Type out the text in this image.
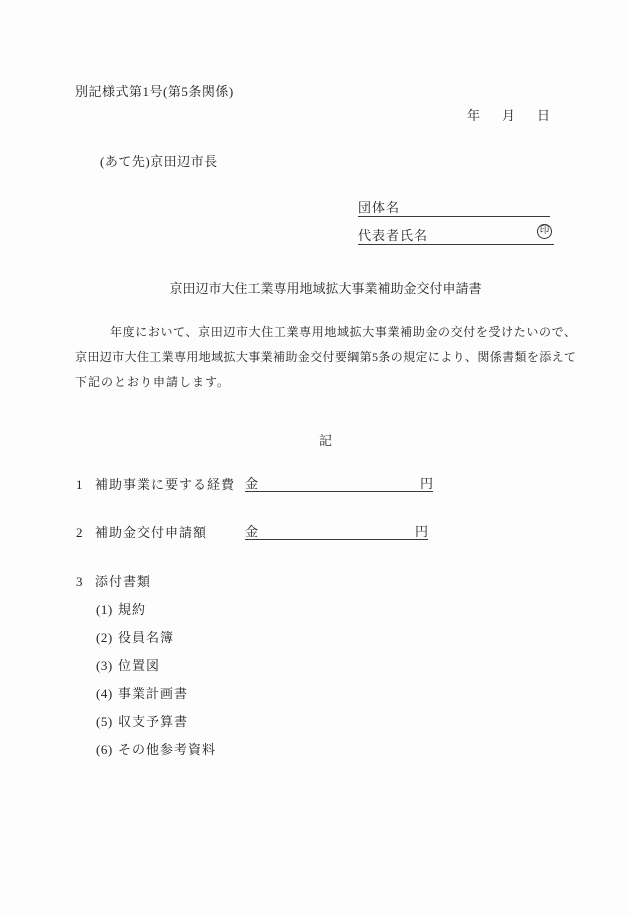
別記様式第1号(第5条関係)
年 月 日
(あて先)京田辺市長
団体名
代表者氏名	印
京田辺市大住工業専用地域拡大事業補助金交付申請書
年度において、京田辺市大住工業専用地域拡大事業補助金の交付を受けたいので、
京田辺市大住工業専用地域拡大事業補助金交付要綱第5条の規定により、関係書類を添えて
下記のとおり申請します。
記
1 補助事業に要する経費 金	円
2 補助金交付申請額	金	円
3 添付書類
(1) 規約
(2) 役員名簿
(3) 位置図
(4) 事業計画書
(5) 収支予算書
(6) その他参考資料
